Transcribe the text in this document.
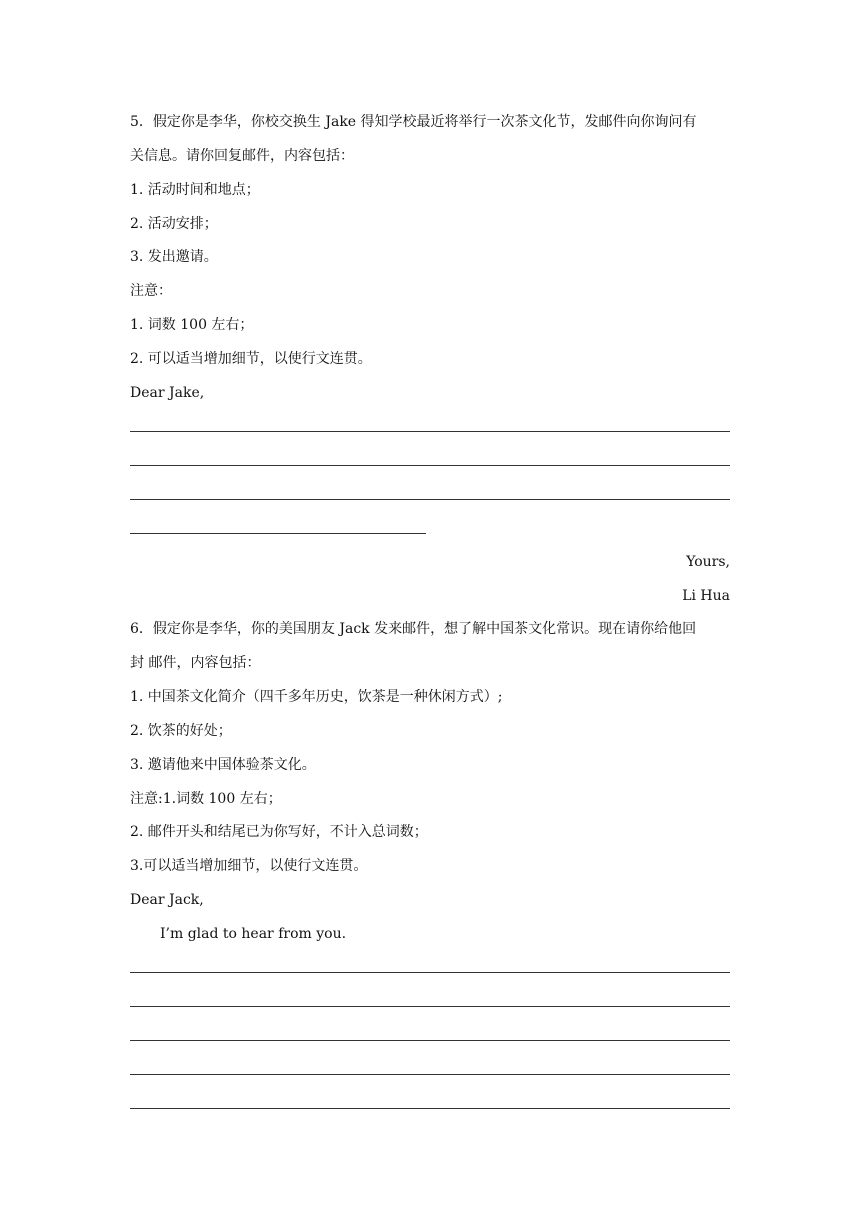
5．假定你是李华，你校交换生 Jake 得知学校最近将举行一次茶文化节，发邮件向你询问有
关信息。请你回复邮件，内容包括：
1. 活动时间和地点；
2. 活动安排；
3. 发出邀请。
注意：
1. 词数 100 左右；
2. 可以适当增加细节，以使行文连贯。
Dear Jake,
Yours,
Li Hua
6．假定你是李华，你的美国朋友 Jack 发来邮件，想了解中国茶文化常识。现在请你给他回
封 邮件，内容包括：
1. 中国茶文化简介（四千多年历史，饮茶是一种休闲方式）;
2. 饮茶的好处；
3. 邀请他来中国体验茶文化。
注意:1.词数 100 左右；
2. 邮件开头和结尾已为你写好，不计入总词数；
3.可以适当增加细节，以使行文连贯。
Dear Jack,
I’m glad to hear from you.
